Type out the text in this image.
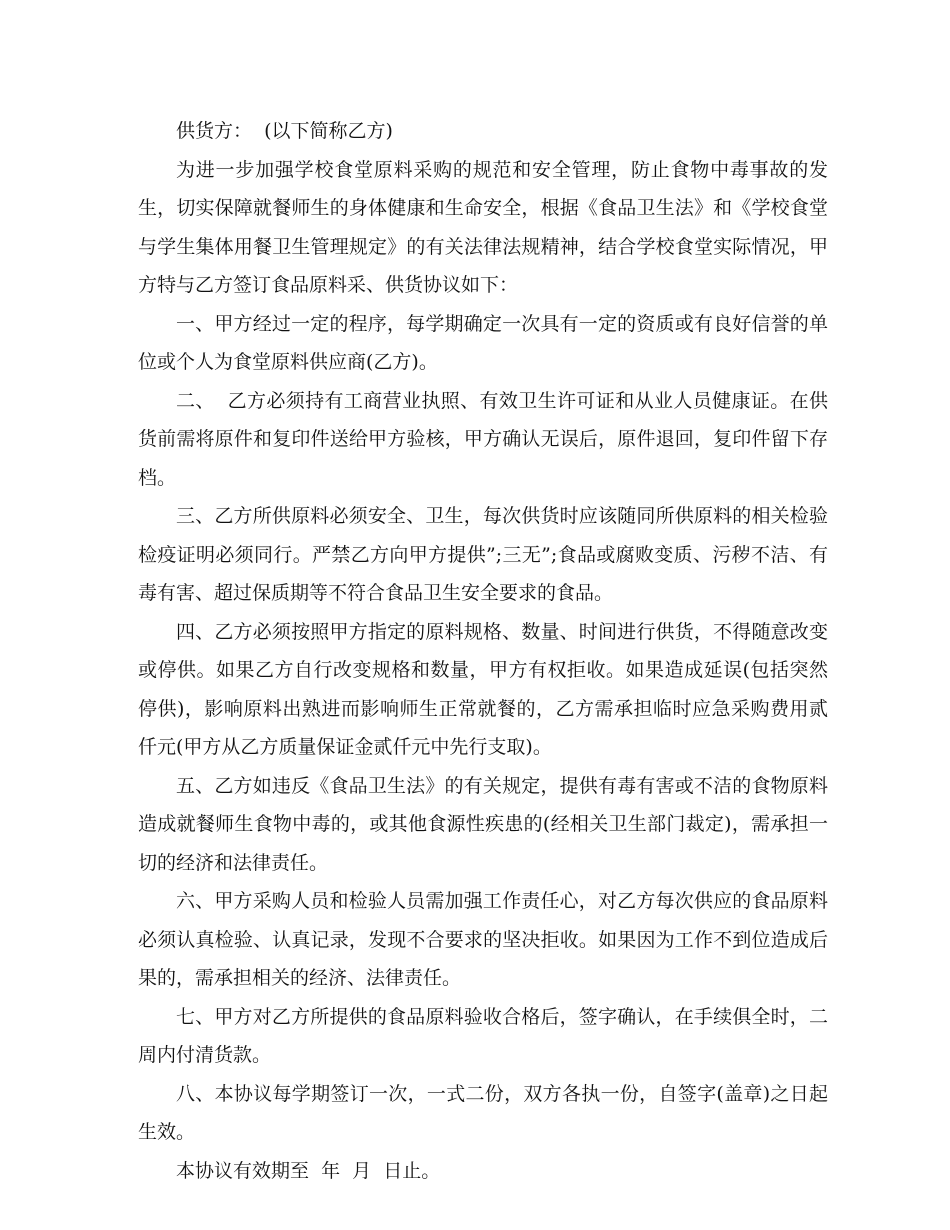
供货方：  (以下简称乙方)

为进一步加强学校食堂原料采购的规范和安全管理，防止食物中毒事故的发生，切实保障就餐师生的身体健康和生命安全，根据《食品卫生法》和《学校食堂与学生集体用餐卫生管理规定》的有关法律法规精神，结合学校食堂实际情况，甲方特与乙方签订食品原料采、供货协议如下：

一、甲方经过一定的程序，每学期确定一次具有一定的资质或有良好信誉的单位或个人为食堂原料供应商(乙方)。

二、  乙方必须持有工商营业执照、有效卫生许可证和从业人员健康证。在供货前需将原件和复印件送给甲方验核，甲方确认无误后，原件退回，复印件留下存档。

三、乙方所供原料必须安全、卫生，每次供货时应该随同所供原料的相关检验检疫证明必须同行。严禁乙方向甲方提供”;三无”;食品或腐败变质、污秽不洁、有毒有害、超过保质期等不符合食品卫生安全要求的食品。

四、乙方必须按照甲方指定的原料规格、数量、时间进行供货，不得随意改变或停供。如果乙方自行改变规格和数量，甲方有权拒收。如果造成延误(包括突然停供)，影响原料出熟进而影响师生正常就餐的，乙方需承担临时应急采购费用贰仟元(甲方从乙方质量保证金贰仟元中先行支取)。

五、乙方如违反《食品卫生法》的有关规定，提供有毒有害或不洁的食物原料造成就餐师生食物中毒的，或其他食源性疾患的(经相关卫生部门裁定)，需承担一切的经济和法律责任。

六、甲方采购人员和检验人员需加强工作责任心，对乙方每次供应的食品原料必须认真检验、认真记录，发现不合要求的坚决拒收。如果因为工作不到位造成后果的，需承担相关的经济、法律责任。

七、甲方对乙方所提供的食品原料验收合格后，签字确认，在手续俱全时，二周内付清货款。

八、本协议每学期签订一次，一式二份，双方各执一份，自签字(盖章)之日起生效。

本协议有效期至  年  月  日止。
